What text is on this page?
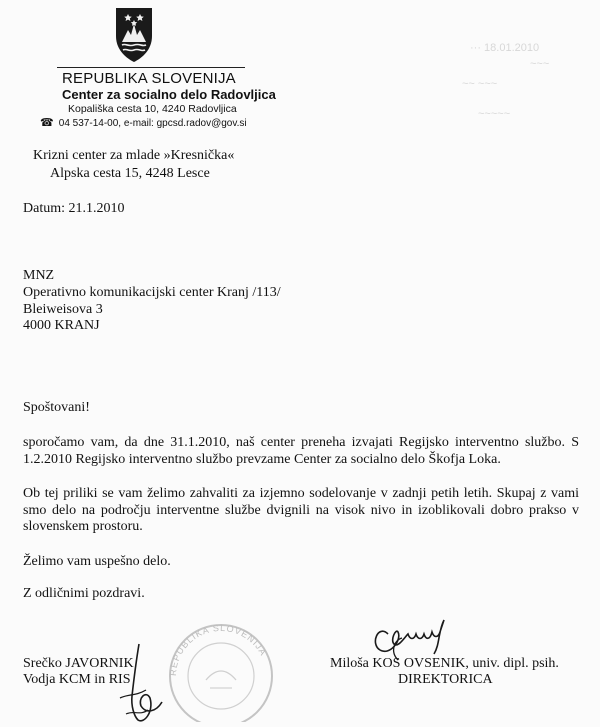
··· 18.01.2010
~~~
~~ ~~~
~~~~~
REPUBLIKA SLOVENIJA
Center za socialno delo Radovljica
Kopališka cesta 10, 4240 Radovljica
☎ 04 537-14-00, e-mail: gpcsd.radov@gov.si
Krizni center za mlade »Kresnička«
Alpska cesta 15, 4248 Lesce
Datum: 21.1.2010
MNZ
Operativno komunikacijski center Kranj /113/
Bleiweisova 3
4000 KRANJ
Spoštovani!
sporočamo vam, da dne 31.1.2010, naš center preneha izvajati Regijsko interventno službo. S 1.2.2010 Regijsko interventno službo prevzame Center za socialno delo Škofja Loka.
Ob tej priliki se vam želimo zahvaliti za izjemno sodelovanje v zadnji petih letih. Skupaj z vami smo delo na področju interventne službe dvignili na visok nivo in izoblikovali dobro prakso v slovenskem prostoru.
Želimo vam uspešno delo.
Z odličnimi pozdravi.
REPUBLIKA SLOVENIJA
Srečko JAVORNIK
Vodja KCM in RIS
Miloša KOS OVSENIK, univ. dipl. psih.
DIREKTORICA
